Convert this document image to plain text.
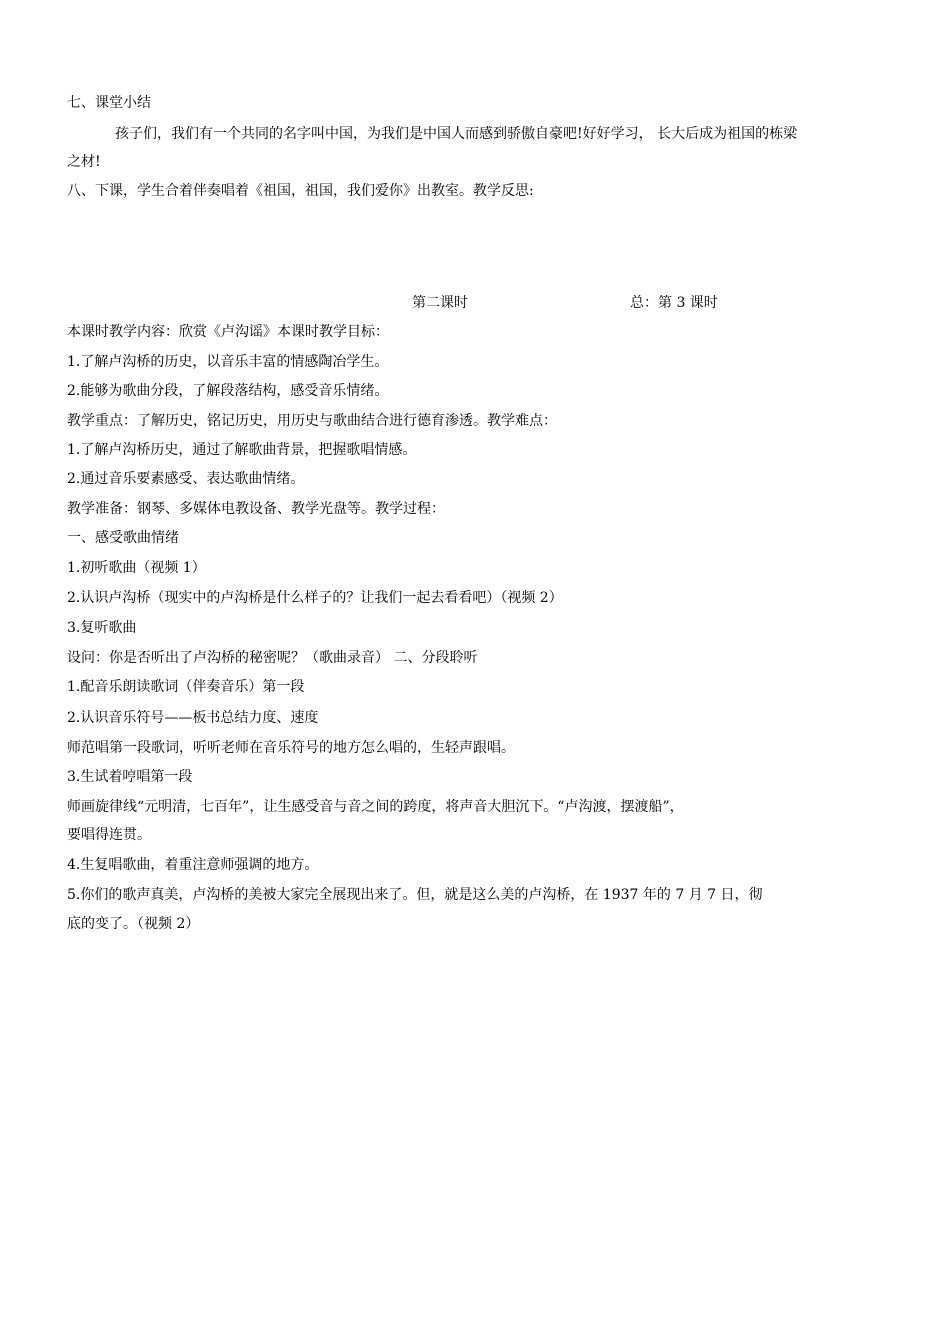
七、课堂小结
孩子们，我们有一个共同的名字叫中国，为我们是中国人而感到骄傲自豪吧!好好学习， 长大后成为祖国的栋梁
之材!
八、下课，学生合着伴奏唱着《祖国，祖国，我们爱你》出教室。教学反思:
第二课时	总：第 3 课时
本课时教学内容：欣赏《卢沟谣》本课时教学目标：
1.了解卢沟桥的历史，以音乐丰富的情感陶冶学生。
2.能够为歌曲分段，了解段落结构，感受音乐情绪。
教学重点：了解历史，铭记历史，用历史与歌曲结合进行德育渗透。教学难点：
1.了解卢沟桥历史，通过了解歌曲背景，把握歌唱情感。
2.通过音乐要素感受、表达歌曲情绪。
教学准备：钢琴、多媒体电教设备、教学光盘等。教学过程：
一、感受歌曲情绪
1.初听歌曲（视频 1）
2.认识卢沟桥（现实中的卢沟桥是什么样子的？让我们一起去看看吧）（视频 2）
3.复听歌曲
设问：你是否听出了卢沟桥的秘密呢？（歌曲录音） 二、分段聆听
1.配音乐朗读歌词（伴奏音乐）第一段
2.认识音乐符号——板书总结力度、速度
师范唱第一段歌词，听听老师在音乐符号的地方怎么唱的，生轻声跟唱。
3.生试着哼唱第一段
师画旋律线“元明清，七百年”，让生感受音与音之间的跨度，将声音大胆沉下。“卢沟渡，摆渡船”，
要唱得连贯。
4.生复唱歌曲，着重注意师强调的地方。
5.你们的歌声真美，卢沟桥的美被大家完全展现出来了。但，就是这么美的卢沟桥，在 1937 年的 7 月 7 日，彻
底的变了。（视频 2）
